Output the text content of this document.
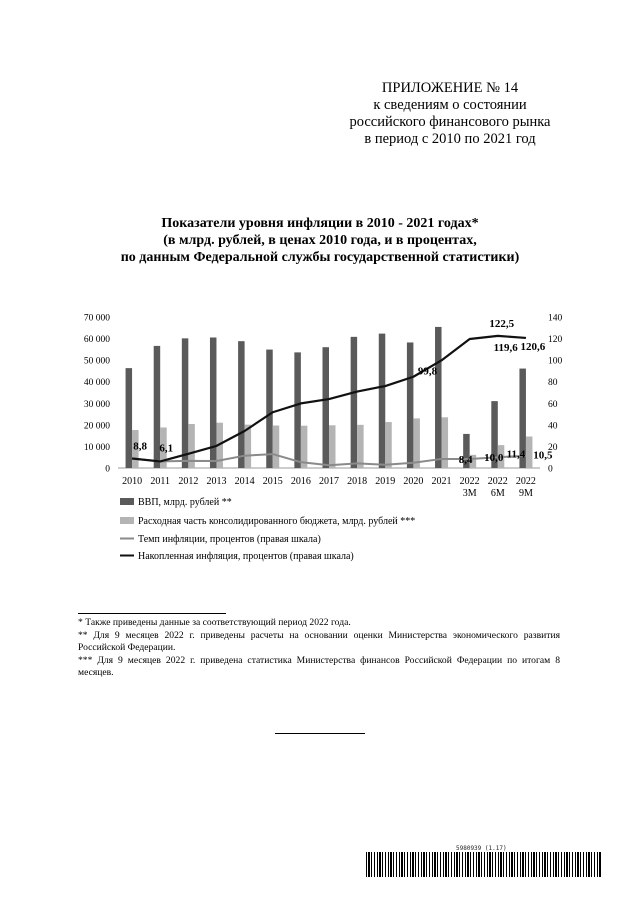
ПРИЛОЖЕНИЕ № 14
к сведениям о состоянии
российского финансового рынка
в период с 2010 по 2021 год
Показатели уровня инфляции в 2010 - 2021 годах*
(в млрд. рублей, в ценах 2010 года, и в процентах,
по данным Федеральной службы государственной статистики)
0
10 000
20 000
30 000
40 000
50 000
60 000
70 000
0
20
40
60
80
100
120
140
2010 2011 2012 2013 2014 2015 2016 2017 2018 2019 2020 2021 2022
3M
2022
6M
2022
9M
8,8 6,1
99,8
119,6
122,5
120,6
8,4 10,0 11,4 10,5
ВВП, млрд. рублей **
Расходная часть консолидированного бюджета, млрд. рублей ***
Темп инфляции, процентов (правая шкала)
Накопленная инфляция, процентов (правая шкала)

* Также приведены данные за соответствующий период 2022 года.

** Для 9 месяцев 2022 г. приведены расчеты на основании оценки Министерства экономического развития Российской Федерации.

*** Для 9 месяцев 2022 г. приведена статистика Министерства финансов Российской Федерации по итогам 8 месяцев.

5980939 (1.17)
